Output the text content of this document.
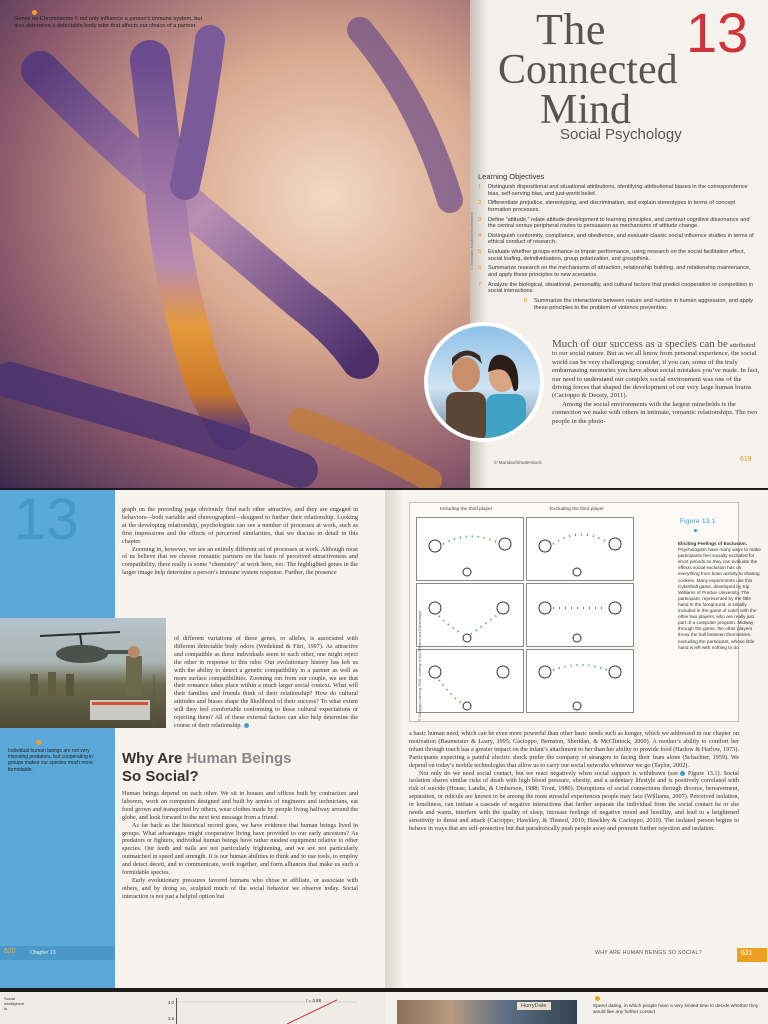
Genes on Chromosome 6 not only influence a person’s immune system, but also determine a detectable body odor that affects our choice of a partner.
© Sebastian Kaulitzki/Shutterstock
The 13
Connected
Mind
Social Psychology
Learning Objectives
1 Distinguish dispositional and situational attributions, identifying attributional biases in the correspondence bias, self-serving bias, and just-world belief.
2 Differentiate prejudice, stereotyping, and discrimination, and explain stereotypes in terms of concept formation processes.
3 Define “attitude,” relate attitude development to learning principles, and contrast cognitive dissonance and the central versus peripheral routes to persuasion as mechanisms of attitude change.
4 Distinguish conformity, compliance, and obedience, and evaluate classic social influence studies in terms of ethical conduct of research.
5 Evaluate whether groups enhance or impair performance, using research on the social facilitation effect, social loafing, deindividuation, group polarization, and groupthink.
6 Summarize research on the mechanisms of attraction, relationship building, and relationship maintenance, and apply these principles to new scenarios.
7 Analyze the biological, situational, personality, and cultural factors that predict cooperation or competition in social interactions.
8 Summarize the interactions between nature and nurture in human aggression, and apply these principles to the problem of violence prevention.
© Maridav/Shutterstock

Much of our success as a species can be attributed to our social nature. But as we all know from personal experience, the social world can be very challenging; consider, if you can, some of the truly embarrassing memories you have about social mistakes you’ve made. In fact, our need to understand our complex social environment was one of the driving forces that shaped the development of our very large human brains (Cacioppo & Decety, 2011).

Among the social environments with the largest minefields is the connection we make with others in intimate, romantic relationships. The two people in the photo-

619
13
© Stocktrek Images/Getty Images
Individual human beings are not very imposing predators, but cooperating in groups makes our species much more formidable.

graph on the preceding page obviously find each other attractive, and they are engaged in behaviors—both variable and choreographed—designed to further their relationship. Looking at the developing relationship, psychologists can see a number of processes at work, such as first impressions and the effects of perceived similarities, that we discuss in detail in this chapter.

Zooming in, however, we see an entirely different set of processes at work. Although most of us believe that we choose romantic partners on the basis of perceived attractiveness and compatibility, there really is some “chemistry” at work here, too. The highlighted genes in the larger image help determine a person’s immune system response. Further, the presence

of different variations of these genes, or alleles, is associated with different detectable body odors (Wedekind & Füri, 1997). As attractive and compatible as these individuals seem to each other, one might reject the other in response to this odor. Our evolutionary history has left us with the ability to detect a genetic compatibility in a partner as well as more surface compatibilities. Zooming out from our couple, we see that their romance takes place within a much larger social context. What will their families and friends think of their relationship? How do cultural attitudes and biases shape the likelihood of their success? To what extent will they feel comfortable conforming to these cultural expectations or rejecting them? All of these external factors can also help determine the course of their relationship.

Why Are Human Beings
So Social?

Human beings depend on each other. We sit in houses and offices built by contractors and laborers, work on computers designed and built by armies of engineers and technicians, eat food grown and transported by others, wear clothes made by people living halfway around the globe, and look forward to the next text message from a friend.

As far back as the historical record goes, we have evidence that human beings lived in groups. What advantages might cooperative living have provided to our early ancestors? As predators or fighters, individual human beings have rather modest equipment relative to other species. Our teeth and nails are not particularly frightening, and we are not particularly outmatched in speed and strength. It is our human abilities to think and to use tools, to employ and detect deceit, and to communicate, work together, and form alliances that make us such a formidable species.

Early evolutionary pressures favored humans who chose to affiliate, or associate with others, and by doing so, sculpted much of the social behavior we observe today. Social interaction is not just a helpful option but

620	Chapter 13
Including the third player	Excluding the third player
© Cengage Learning 2015; courtesy of Kip Williams and David Nagel
Figure 13.1
Eliciting Feelings of Exclusion. Psychologists have many ways to make participants feel socially excluded for short periods so they can evaluate the effects social exclusion has on everything from brain activity to sharing cookies. Many experiments use this Cyberball game, developed by Kip Williams of Purdue University. The participant, represented by the little hand in the foreground, is initially included in the game of catch with the other two players, who are really just part of a computer program. Midway through the game, the other players throw the ball between themselves, excluding the participant, whose little hand is left with nothing to do.

a basic human need, which can be even more powerful than other basic needs such as hunger, which we addressed in our chapter on motivation (Baumeister & Leary, 1995; Cacioppo, Bernston, Sheridan, & McClintock, 2000). A mother’s ability to comfort her infant through touch has a greater impact on the infant’s attachment to her than her ability to provide food (Harlow & Harlow, 1973). Participants expecting a painful electric shock prefer the company of strangers to facing their fears alone (Schachter, 1959). We depend on today’s mobile technologies that allow us to carry our social networks wherever we go (Taylor, 2002).

Not only do we need social contact, but we react negatively when social support is withdrawn (see Figure 13.1). Social isolation shares similar risks of death with high blood pressure, obesity, and a sedentary lifestyle and is positively correlated with risk of suicide (House, Landis, & Umberson, 1988; Trout, 1980). Disruptions of social connections through divorce, bereavement, separation, or ridicule are known to be among the most stressful experiences people may face (Williams, 2007). Perceived isolation, or loneliness, can initiate a cascade of negative interactions that further separate the individual from the social contact he or she needs and wants, interfere with the quality of sleep, increase feelings of negative mood and hostility, and lead to a heightened sensitivity to threat and attack (Cacioppo, Hawkley, & Thisted, 2010; Hawkley & Cacioppo, 2010). The isolated person begins to behave in ways that are self-protective but that paradoxically push people away and promote further rejection and isolation.

WHY ARE HUMAN BEINGS SO SOCIAL?	621
Social Intelligence Is
4.0
3.5
r = 0.88
HurryDate	Speed dating, in which people have a very limited time to decide whether they would like any further contact
